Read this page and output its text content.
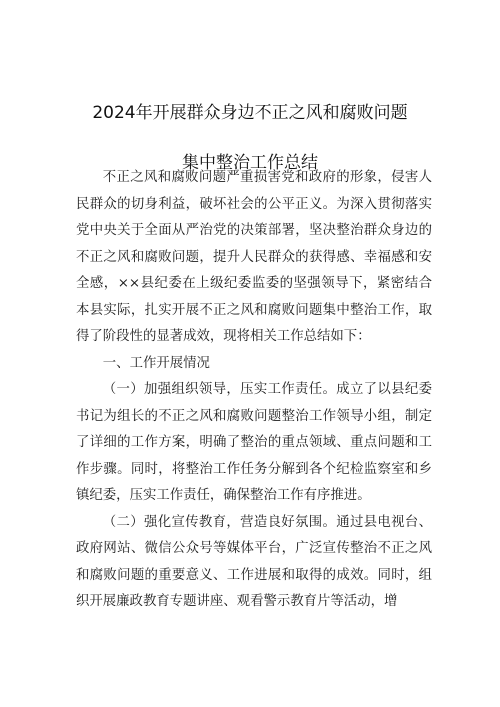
2024年开展群众身边不正之风和腐败问题
集中整治工作总结

不正之风和腐败问题严重损害党和政府的形象，侵害人民群众的切身利益，破坏社会的公平正义。为深入贯彻落实党中央关于全面从严治党的决策部署，坚决整治群众身边的不正之风和腐败问题，提升人民群众的获得感、幸福感和安全感，××县纪委在上级纪委监委的坚强领导下，紧密结合本县实际，扎实开展不正之风和腐败问题集中整治工作，取得了阶段性的显著成效，现将相关工作总结如下：

一、工作开展情况

（一）加强组织领导，压实工作责任。成立了以县纪委书记为组长的不正之风和腐败问题整治工作领导小组，制定了详细的工作方案，明确了整治的重点领域、重点问题和工作步骤。同时，将整治工作任务分解到各个纪检监察室和乡镇纪委，压实工作责任，确保整治工作有序推进。

（二）强化宣传教育，营造良好氛围。通过县电视台、政府网站、微信公众号等媒体平台，广泛宣传整治不正之风和腐败问题的重要意义、工作进展和取得的成效。同时，组织开展廉政教育专题讲座、观看警示教育片等活动，增
